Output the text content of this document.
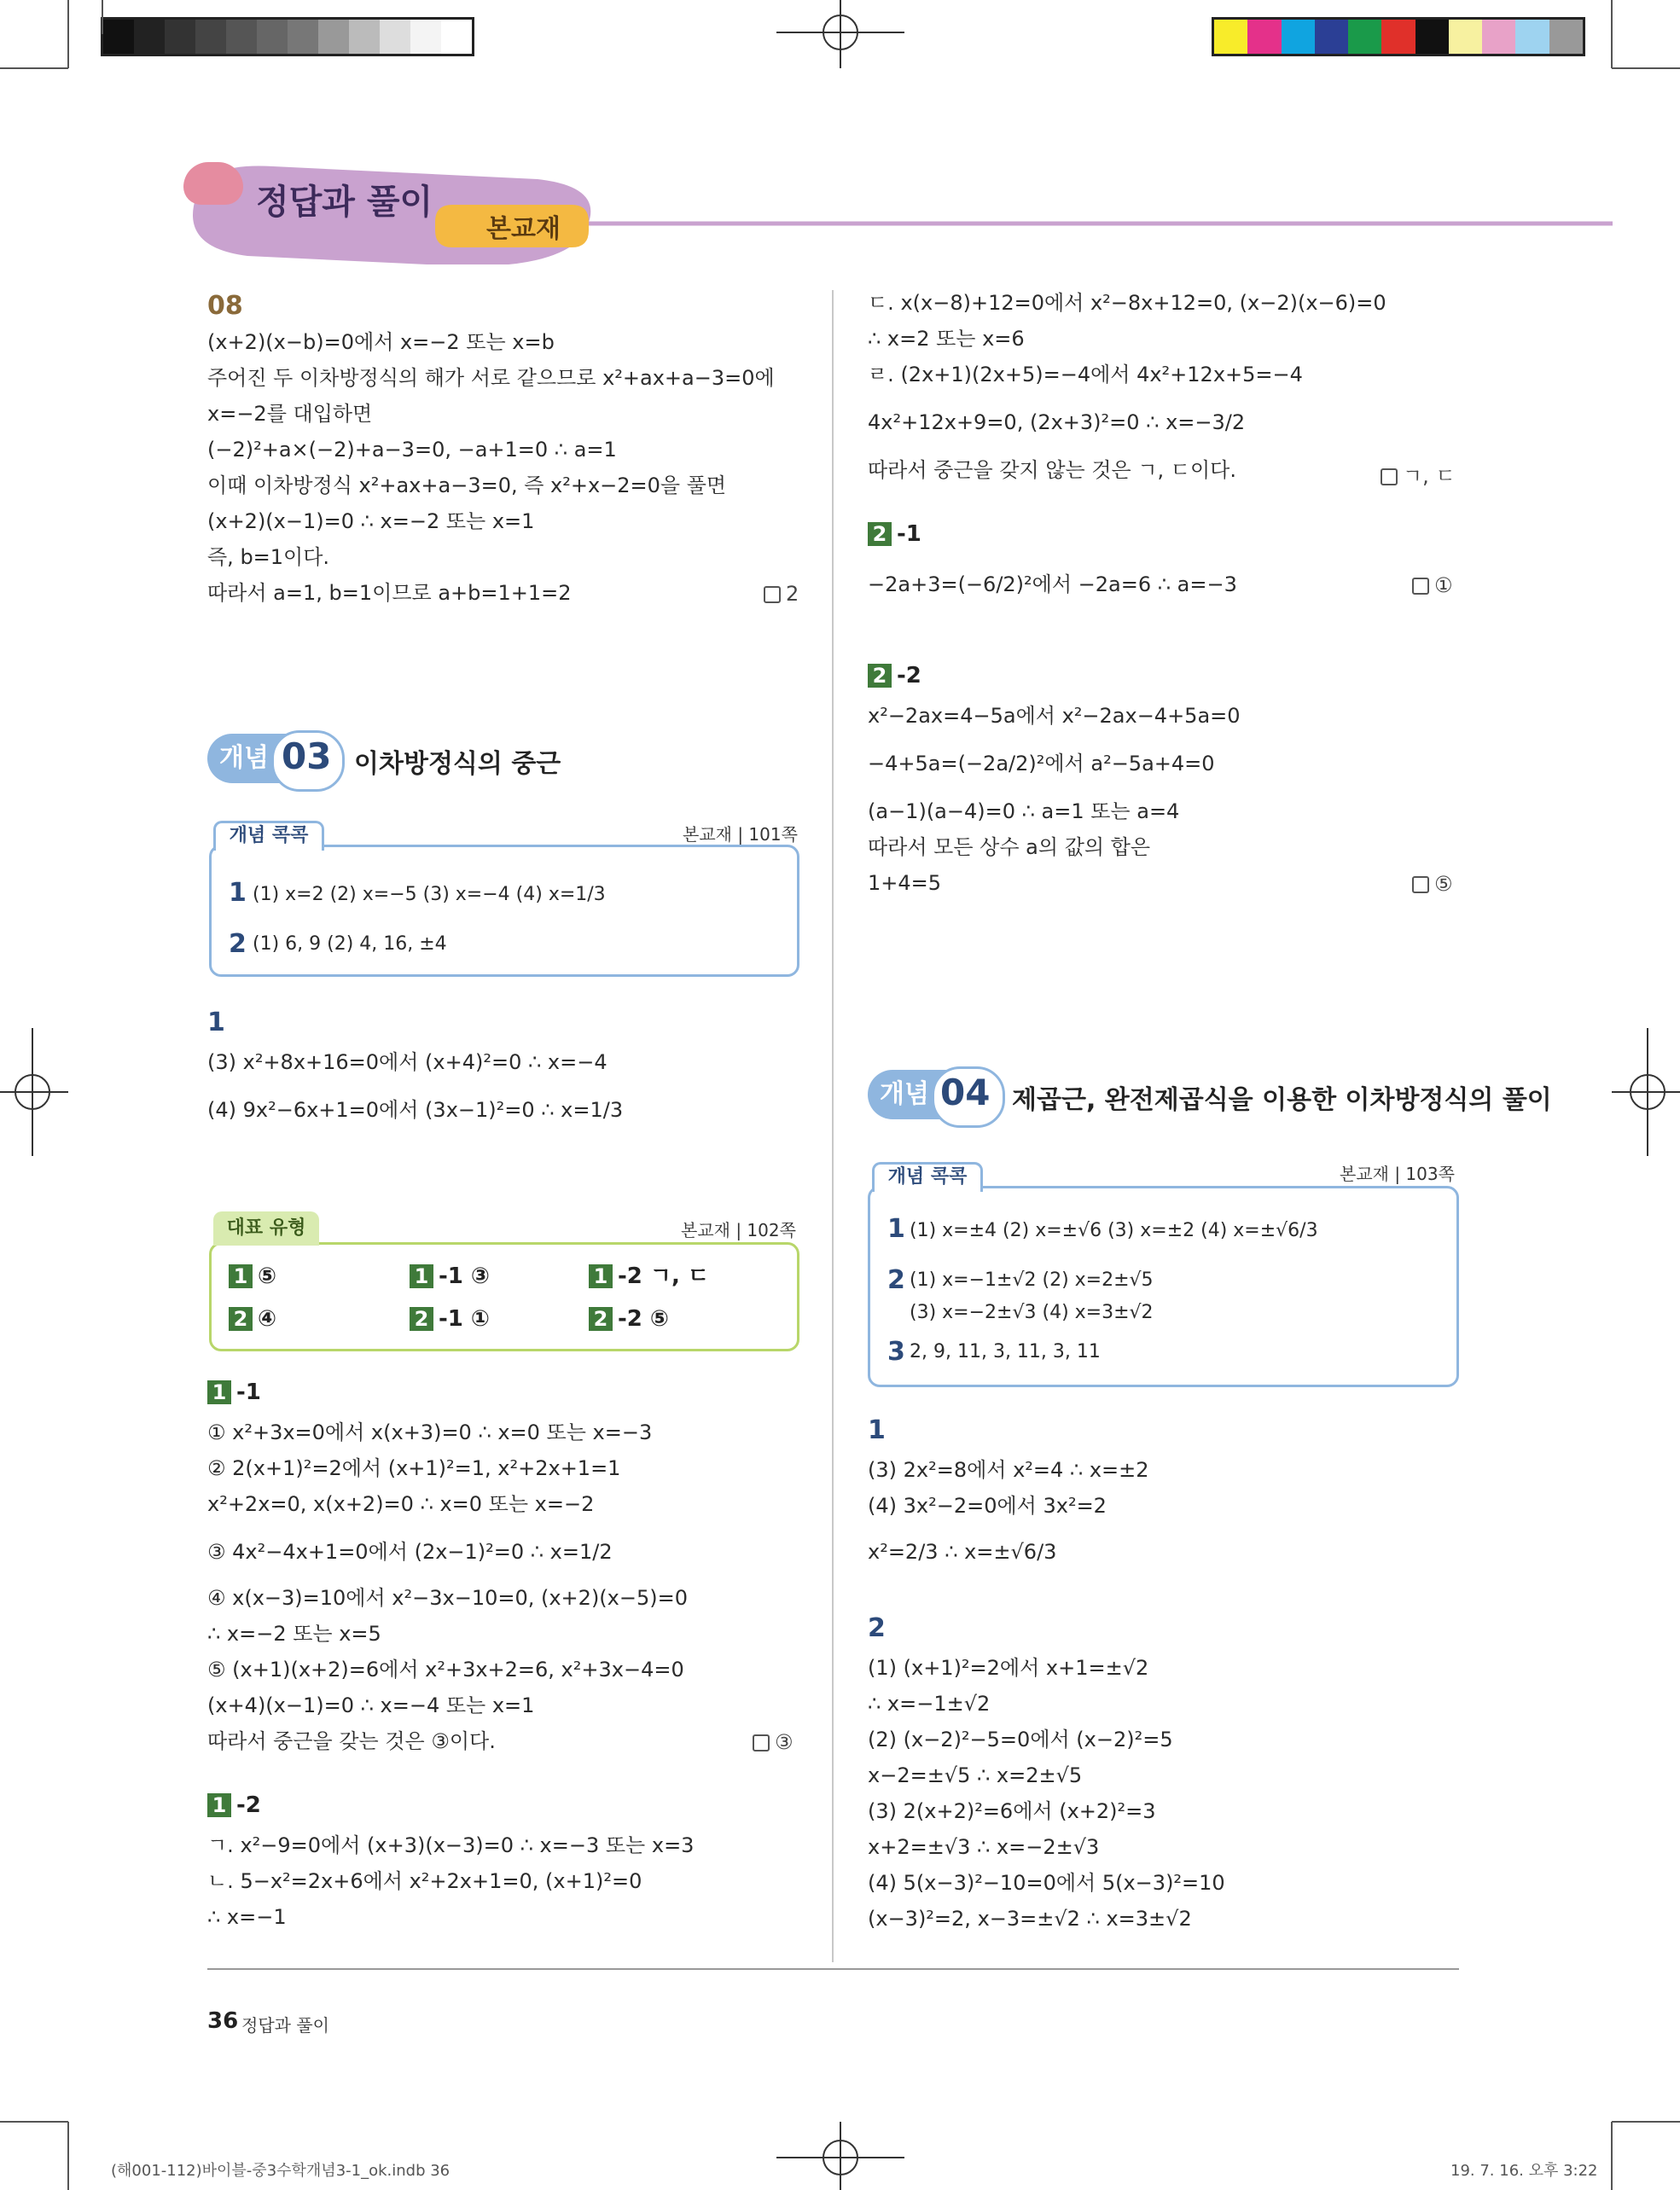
정답과 풀이
본교재
08
(x+2)(x−b)=0에서 x=−2 또는 x=b
주어진 두 이차방정식의 해가 서로 같으므로 x²+ax+a−3=0에
x=−2를 대입하면
(−2)²+a×(−2)+a−3=0, −a+1=0 ∴ a=1
이때 이차방정식 x²+ax+a−3=0, 즉 x²+x−2=0을 풀면
(x+2)(x−1)=0 ∴ x=−2 또는 x=1
즉, b=1이다.
따라서 a=1, b=1이므로 a+b=1+1=2	2
개념 03 이차방정식의 중근
개념 콕콕	본교재 | 101쪽
1 (1) x=2 (2) x=−5 (3) x=−4 (4) x=1/3
2 (1) 6, 9 (2) 4, 16, ±4
1
(3) x²+8x+16=0에서 (x+4)²=0 ∴ x=−4
(4) 9x²−6x+1=0에서 (3x−1)²=0 ∴ x=1/3
대표 유형	본교재 | 102쪽
1 ⑤	1 -1 ③	1 -2 ㄱ, ㄷ
2 ④	2 -1 ①	2 -2 ⑤
1 -1
① x²+3x=0에서 x(x+3)=0 ∴ x=0 또는 x=−3
② 2(x+1)²=2에서 (x+1)²=1, x²+2x+1=1
x²+2x=0, x(x+2)=0 ∴ x=0 또는 x=−2
③ 4x²−4x+1=0에서 (2x−1)²=0 ∴ x=1/2
④ x(x−3)=10에서 x²−3x−10=0, (x+2)(x−5)=0
∴ x=−2 또는 x=5
⑤ (x+1)(x+2)=6에서 x²+3x+2=6, x²+3x−4=0
(x+4)(x−1)=0 ∴ x=−4 또는 x=1
따라서 중근을 갖는 것은 ③이다.	③
1 -2
ㄱ. x²−9=0에서 (x+3)(x−3)=0 ∴ x=−3 또는 x=3
ㄴ. 5−x²=2x+6에서 x²+2x+1=0, (x+1)²=0
∴ x=−1
ㄷ. x(x−8)+12=0에서 x²−8x+12=0, (x−2)(x−6)=0
∴ x=2 또는 x=6
ㄹ. (2x+1)(2x+5)=−4에서 4x²+12x+5=−4
4x²+12x+9=0, (2x+3)²=0 ∴ x=−3/2
따라서 중근을 갖지 않는 것은 ㄱ, ㄷ이다.	ㄱ, ㄷ
2 -1
−2a+3=(−6/2)²에서 −2a=6 ∴ a=−3	①
2 -2
x²−2ax=4−5a에서 x²−2ax−4+5a=0
−4+5a=(−2a/2)²에서 a²−5a+4=0
(a−1)(a−4)=0 ∴ a=1 또는 a=4
따라서 모든 상수 a의 값의 합은
1+4=5	⑤
개념 04 제곱근, 완전제곱식을 이용한 이차방정식의 풀이
개념 콕콕	본교재 | 103쪽
1 (1) x=±4 (2) x=±√6 (3) x=±2 (4) x=±√6/3
2 (1) x=−1±√2 (2) x=2±√5
(3) x=−2±√3 (4) x=3±√2
3 2, 9, 11, 3, 11, 3, 11
1
(3) 2x²=8에서 x²=4 ∴ x=±2
(4) 3x²−2=0에서 3x²=2
x²=2/3 ∴ x=±√6/3
2
(1) (x+1)²=2에서 x+1=±√2
∴ x=−1±√2
(2) (x−2)²−5=0에서 (x−2)²=5
x−2=±√5 ∴ x=2±√5
(3) 2(x+2)²=6에서 (x+2)²=3
x+2=±√3 ∴ x=−2±√3
(4) 5(x−3)²−10=0에서 5(x−3)²=10
(x−3)²=2, x−3=±√2 ∴ x=3±√2
36 정답과 풀이
(해001-112)바이블-중3수학개념3-1_ok.indb 36	19. 7. 16. 오후 3:22
